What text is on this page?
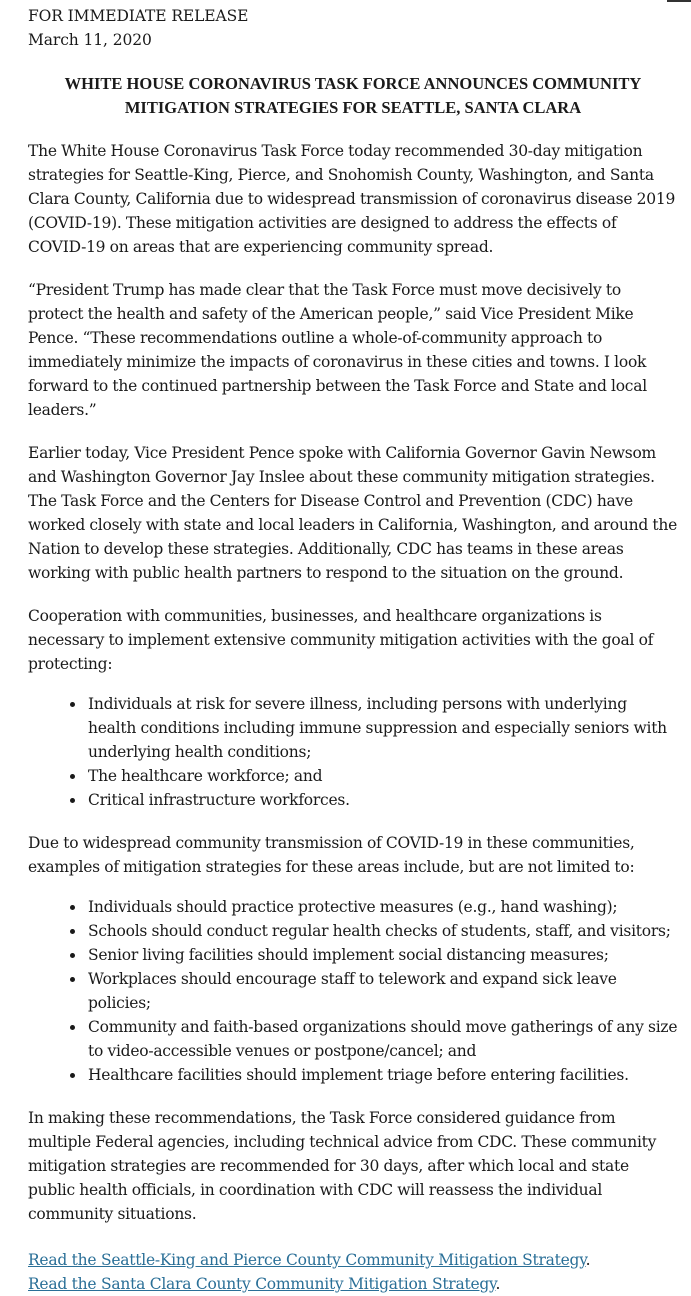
FOR IMMEDIATE RELEASE
March 11, 2020
WHITE HOUSE CORONAVIRUS TASK FORCE ANNOUNCES COMMUNITY MITIGATION STRATEGIES FOR SEATTLE, SANTA CLARA

The White House Coronavirus Task Force today recommended 30-day mitigation strategies for Seattle-King, Pierce, and Snohomish County, Washington, and Santa Clara County, California due to widespread transmission of coronavirus disease 2019 (COVID-19). These mitigation activities are designed to address the effects of COVID-19 on areas that are experiencing community spread.

“President Trump has made clear that the Task Force must move decisively to protect the health and safety of the American people,” said Vice President Mike Pence. “These recommendations outline a whole-of-community approach to immediately minimize the impacts of coronavirus in these cities and towns. I look forward to the continued partnership between the Task Force and State and local leaders.”

Earlier today, Vice President Pence spoke with California Governor Gavin Newsom and Washington Governor Jay Inslee about these community mitigation strategies. The Task Force and the Centers for Disease Control and Prevention (CDC) have worked closely with state and local leaders in California, Washington, and around the Nation to develop these strategies. Additionally, CDC has teams in these areas working with public health partners to respond to the situation on the ground.

Cooperation with communities, businesses, and healthcare organizations is necessary to implement extensive community mitigation activities with the goal of protecting:

• Individuals at risk for severe illness, including persons with underlying health conditions including immune suppression and especially seniors with underlying health conditions;
• The healthcare workforce; and
• Critical infrastructure workforces.

Due to widespread community transmission of COVID-19 in these communities, examples of mitigation strategies for these areas include, but are not limited to:

• Individuals should practice protective measures (e.g., hand washing);
• Schools should conduct regular health checks of students, staff, and visitors;
• Senior living facilities should implement social distancing measures;
• Workplaces should encourage staff to telework and expand sick leave policies;
• Community and faith-based organizations should move gatherings of any size to video-accessible venues or postpone/cancel; and
• Healthcare facilities should implement triage before entering facilities.

In making these recommendations, the Task Force considered guidance from multiple Federal agencies, including technical advice from CDC. These community mitigation strategies are recommended for 30 days, after which local and state public health officials, in coordination with CDC will reassess the individual community situations.

Read the Seattle-King and Pierce County Community Mitigation Strategy.
Read the Santa Clara County Community Mitigation Strategy.
